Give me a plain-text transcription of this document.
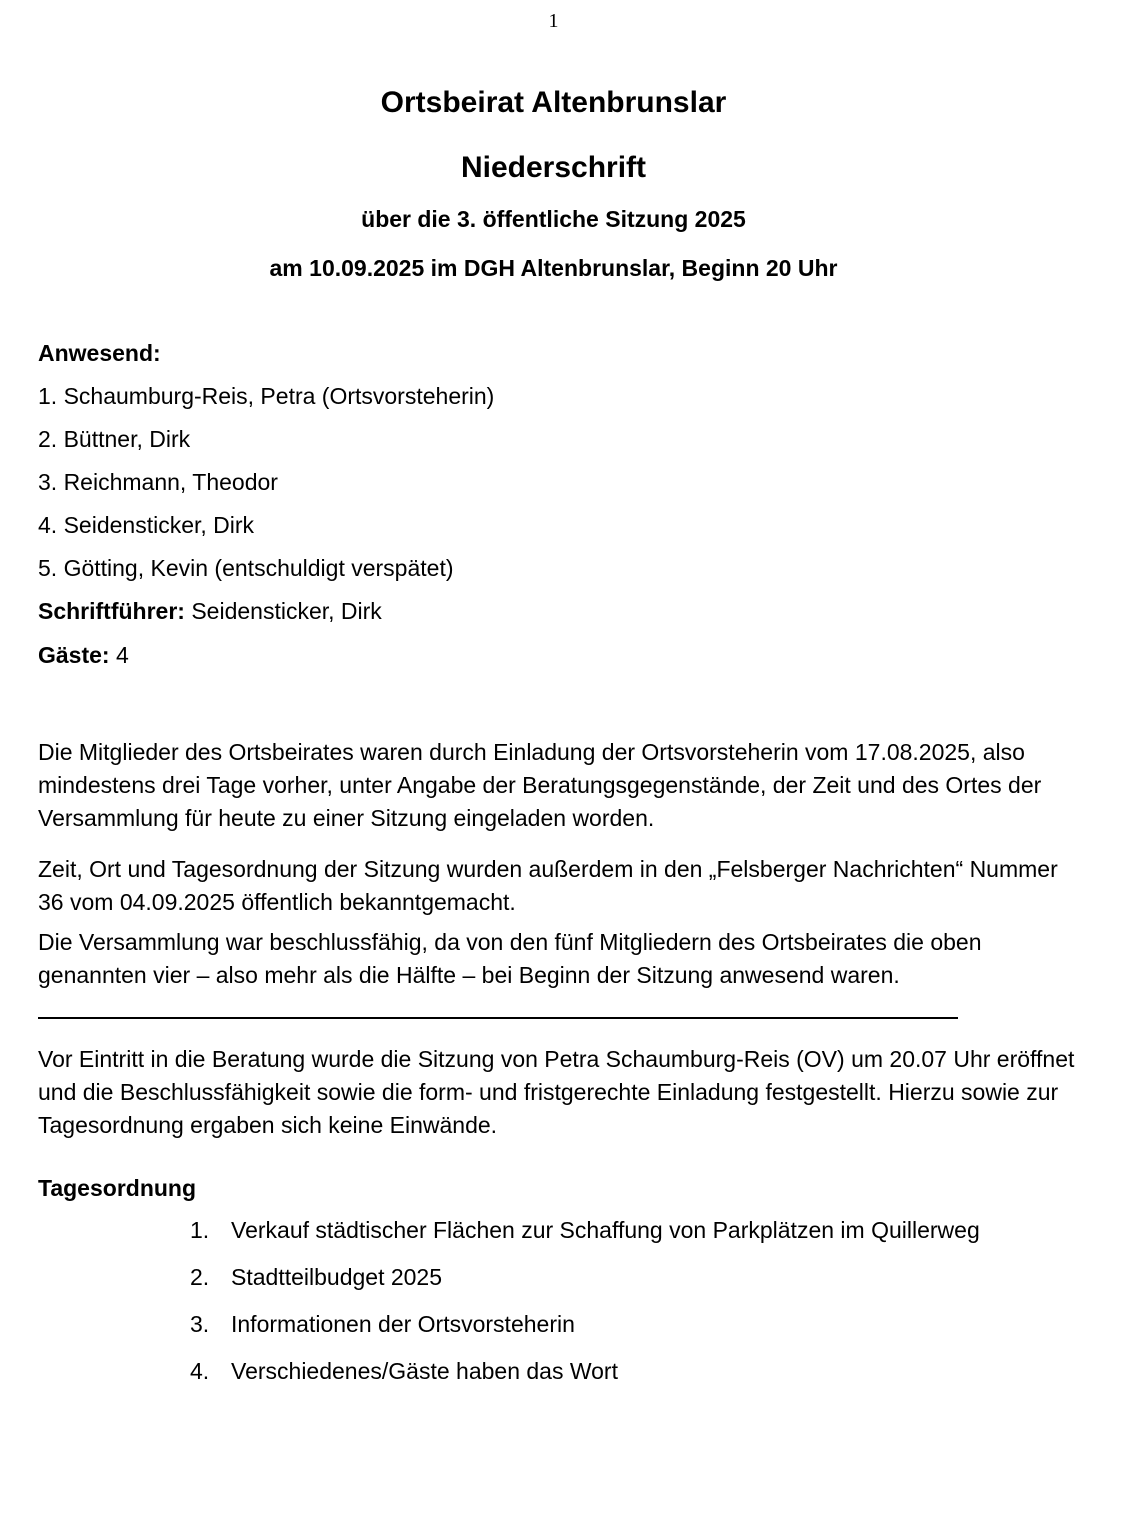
1
Ortsbeirat Altenbrunslar
Niederschrift
über die 3. öffentliche Sitzung 2025
am 10.09.2025 im DGH Altenbrunslar, Beginn 20 Uhr
Anwesend:
1. Schaumburg-Reis, Petra (Ortsvorsteherin)
2. Büttner, Dirk
3. Reichmann, Theodor
4. Seidensticker, Dirk
5. Götting, Kevin (entschuldigt verspätet)
Schriftführer: Seidensticker, Dirk
Gäste: 4
Die Mitglieder des Ortsbeirates waren durch Einladung der Ortsvorsteherin vom 17.08.2025, also mindestens drei Tage vorher, unter Angabe der Beratungsgegenstände, der Zeit und des Ortes der Versammlung für heute zu einer Sitzung eingeladen worden.
Zeit, Ort und Tagesordnung der Sitzung wurden außerdem in den „Felsberger Nachrichten“ Nummer 36 vom 04.09.2025 öffentlich bekanntgemacht.
Die Versammlung war beschlussfähig, da von den fünf Mitgliedern des Ortsbeirates die oben genannten vier – also mehr als die Hälfte – bei Beginn der Sitzung anwesend waren.
Vor Eintritt in die Beratung wurde die Sitzung von Petra Schaumburg-Reis (OV) um 20.07 Uhr eröffnet und die Beschlussfähigkeit sowie die form- und fristgerechte Einladung festgestellt. Hierzu sowie zur Tagesordnung ergaben sich keine Einwände.
Tagesordnung
1. Verkauf städtischer Flächen zur Schaffung von Parkplätzen im Quillerweg
2. Stadtteilbudget 2025
3. Informationen der Ortsvorsteherin
4. Verschiedenes/Gäste haben das Wort
